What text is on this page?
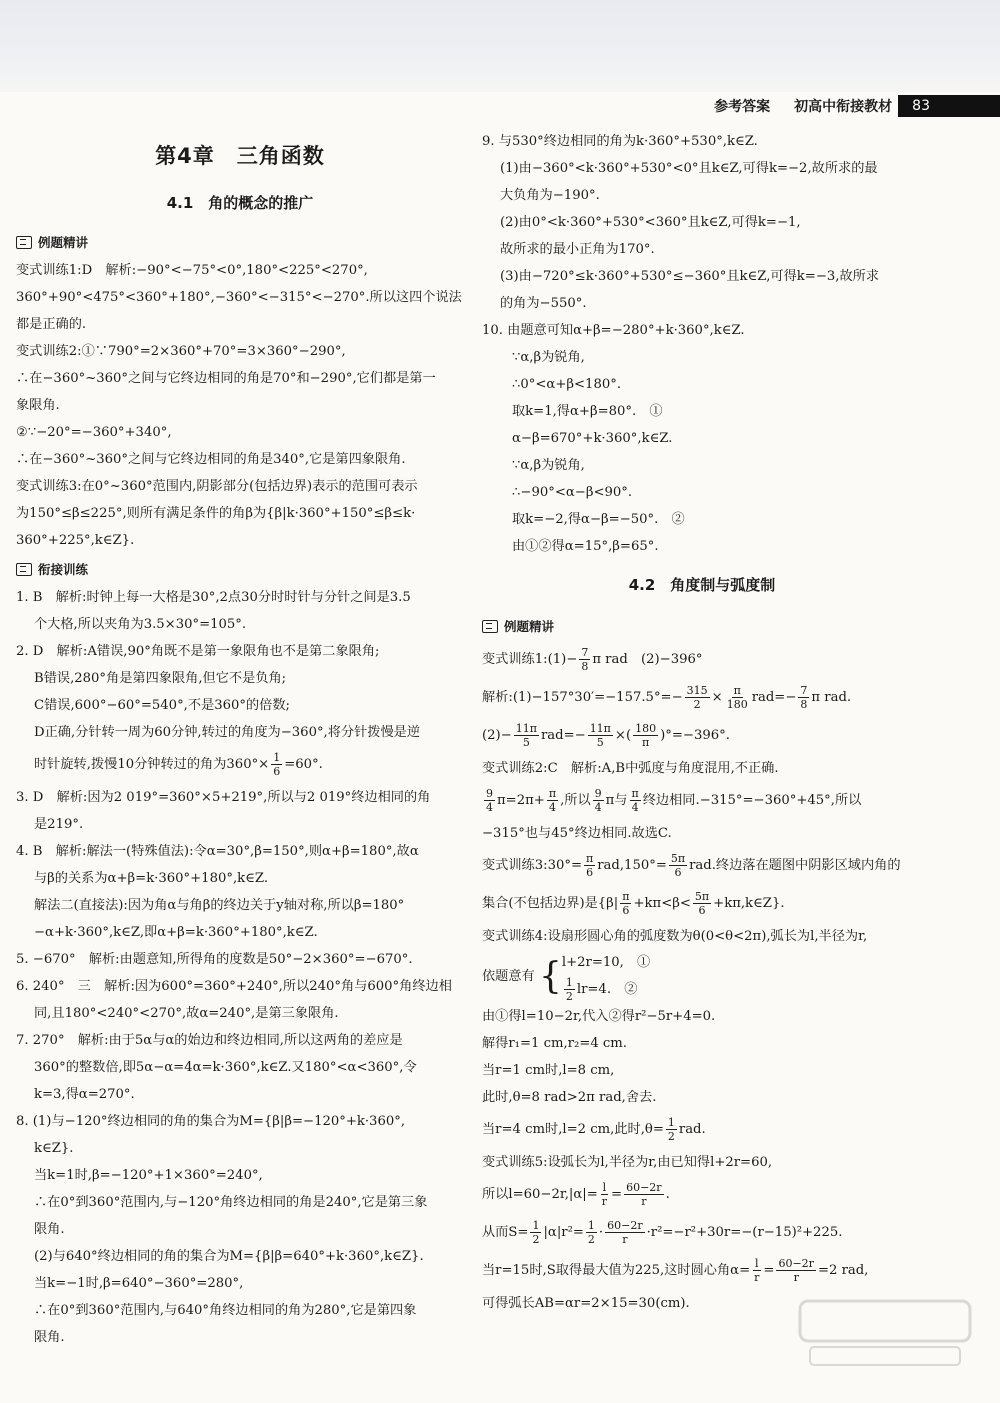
参考答案 初高中衔接教材	83
第4章　三角函数
4.1　角的概念的推广
例题精讲
变式训练1:D　解析:−90°<−75°<0°,180°<225°<270°,
360°+90°<475°<360°+180°,−360°<−315°<−270°.所以这四个说法
都是正确的.
变式训练2:①∵790°=2×360°+70°=3×360°−290°,
∴在−360°~360°之间与它终边相同的角是70°和−290°,它们都是第一
象限角.
②∵−20°=−360°+340°,
∴在−360°~360°之间与它终边相同的角是340°,它是第四象限角.
变式训练3:在0°~360°范围内,阴影部分(包括边界)表示的范围可表示
为150°≤β≤225°,则所有满足条件的角β为{β|k·360°+150°≤β≤k·
360°+225°,k∈Z}.
衔接训练
1. B　解析:时钟上每一大格是30°,2点30分时时针与分针之间是3.5
个大格,所以夹角为3.5×30°=105°.
2. D　解析:A错误,90°角既不是第一象限角也不是第二象限角;
B错误,280°角是第四象限角,但它不是负角;
C错误,600°−60°=540°,不是360°的倍数;
D正确,分针转一周为60分钟,转过的角度为−360°,将分针拨慢是逆
时针旋转,拨慢10分钟转过的角为$360^\circ\times \frac{1}{6} =60^\circ$.
3. D　解析:因为2 019°=360°×5+219°,所以与2 019°终边相同的角
是219°.
4. B　解析:解法一(特殊值法):令α=30°,β=150°,则α+β=180°,故α
与β的关系为α+β=k·360°+180°,k∈Z.
解法二(直接法):因为角α与角β的终边关于y轴对称,所以β=180°
−α+k·360°,k∈Z,即α+β=k·360°+180°,k∈Z.
5. −670°　解析:由题意知,所得角的度数是50°−2×360°=−670°.
6. 240°　三　解析:因为600°=360°+240°,所以240°角与600°角终边相
同,且180°<240°<270°,故α=240°,是第三象限角.
7. 270°　解析:由于5α与α的始边和终边相同,所以这两角的差应是
360°的整数倍,即5α−α=4α=k·360°,k∈Z.又180°<α<360°,令
k=3,得α=270°.
8. (1)与−120°终边相同的角的集合为M={β|β=−120°+k·360°,
k∈Z}.
当k=1时,β=−120°+1×360°=240°,
∴在0°到360°范围内,与−120°角终边相同的角是240°,它是第三象
限角.
(2)与640°终边相同的角的集合为M={β|β=640°+k·360°,k∈Z}.
当k=−1时,β=640°−360°=280°,
∴在0°到360°范围内,与640°角终边相同的角为280°,它是第四象
限角.
9. 与530°终边相同的角为k·360°+530°,k∈Z.
(1)由−360°<k·360°+530°<0°且k∈Z,可得k=−2,故所求的最
大负角为−190°.
(2)由0°<k·360°+530°<360°且k∈Z,可得k=−1,
故所求的最小正角为170°.
(3)由−720°≤k·360°+530°≤−360°且k∈Z,可得k=−3,故所求
的角为−550°.
10. 由题意可知α+β=−280°+k·360°,k∈Z.
∵α,β为锐角,
∴0°<α+β<180°.
取k=1,得α+β=80°.　①
α−β=670°+k·360°,k∈Z.
∵α,β为锐角,
∴−90°<α−β<90°.
取k=−2,得α−β=−50°.　②
由①②得α=15°,β=65°.
4.2　角度制与弧度制
例题精讲
变式训练1:(1)− $\frac{7}{8}$ π rad　(2)−396°
解析:(1)−157°30′=−157.5°=− $\frac{315}{2} \times \frac{\pi}{180} rad=- \frac{7}{8}$ π rad.
$(2)- \frac{11\pi}{5} rad=- \frac{11\pi}{5}$ ×( $\frac{180}{\pi} )^\circ=-396^\circ$.
变式训练2:C　解析:A,B中弧度与角度混用,不正确.
$\frac{9}{4} \pi=2\pi+ \frac{\pi}{4}$ ,所以 $\frac{9}{4}$ π与 $\frac{\pi}{4}$ 终边相同.−315°=−360°+45°,所以
−315°也与45°终边相同.故选C.
变式训练3:30°= $\frac{\pi}{6} rad,150^\circ= \frac{5\pi}{6}$ rad.终边落在题图中阴影区域内角的
集合(不包括边界)是{$\beta| \frac{\pi}{6} +k\pi<\beta< \frac{5\pi}{6}$ +kπ,k∈Z}.
变式训练4:设扇形圆心角的弧度数为θ(0<θ<2π),弧长为l,半径为r,
依题意有 { l+2r=10,　①
$\frac{1}{2} lr=4$.　②
由①得l=10−2r,代入②得r²−5r+4=0.
解得r₁=1 cm,r₂=4 cm.
当r=1 cm时,l=8 cm,
此时,θ=8 rad>2π rad,舍去.
当r=4 cm时,l=2 cm,此时$,\theta= \frac{1}{2}$ rad.
变式训练5:设弧长为l,半径为r,由已知得l+2r=60,
所以$l=60-2r,|\alpha|= \frac{l}{r} = \frac{60-2r}{r}$ .
从而$S= \frac{1}{2} |\alpha|r^2= \frac{1}{2} \cdot \frac{60-2r}{r} \cdot r^2=-r^2+30r=-(r-15)^2+225$.
当r=15时,S取得最大值为225,这时圆心角$\alpha= \frac{l}{r} = \frac{60-2r}{r} =2$ rad,
可得弧长AB=αr=2×15=30(cm).
